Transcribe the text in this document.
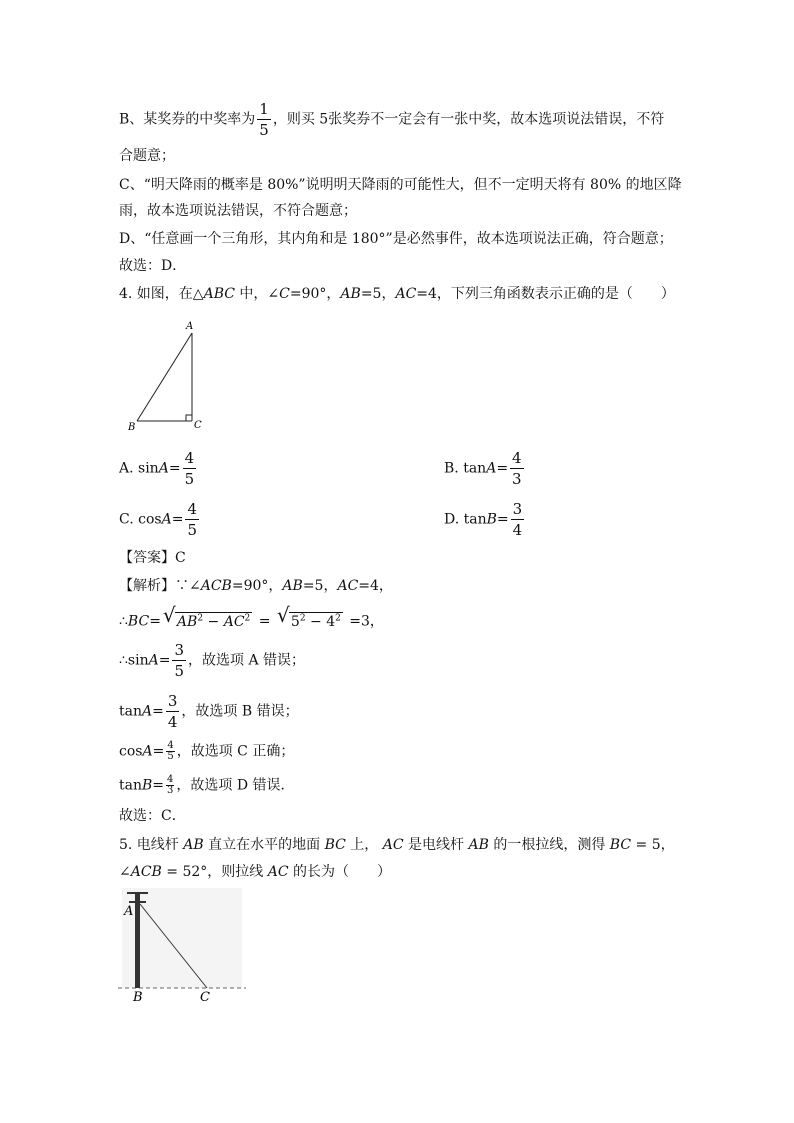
B、某奖券的中奖率为 $\frac{1}{5}$ ，则买 5张奖券不一定会有一张中奖，故本选项说法错误，不符
合题意；
C、“明天降雨的概率是 80%”说明明天降雨的可能性大，但不一定明天将有 80% 的地区降
雨，故本选项说法错误，不符合题意；
D、“任意画一个三角形，其内角和是 180°”是必然事件，故本选项说法正确，符合题意；
故选：D．
4. 如图，在△ABC 中，∠C=90°，AB=5，AC=4，下列三角函数表示正确的是（　　）
A
B	C
A. $\sin A= \frac{4}{5}$	B. $\tan A= \frac{4}{3}$
C. $\cos A= \frac{4}{5}$	D. $\tan B= \frac{3}{4}$
【答案】C
【解析】∵∠ACB=90°，AB=5，AC=4，
∴BC= √ $AB^2 - AC^2$ = √ $5^2 - 4^2 =3$，
∴sinA= $\frac{3}{5}$ ，故选项 A 错误；
$\tan A= \frac{3}{4}$ ，故选项 B 错误；
$\cos A= \frac{4}{5}$ ，故选项 C 正确；
$\tan B= \frac{4}{3}$ ，故选项 D 错误．
故选：C．
5. 电线杆 AB 直立在水平的地面 BC 上， AC 是电线杆 AB 的一根拉线，测得 BC = 5，
∠ACB = 52°，则拉线 AC 的长为（　　）
A
B	C
